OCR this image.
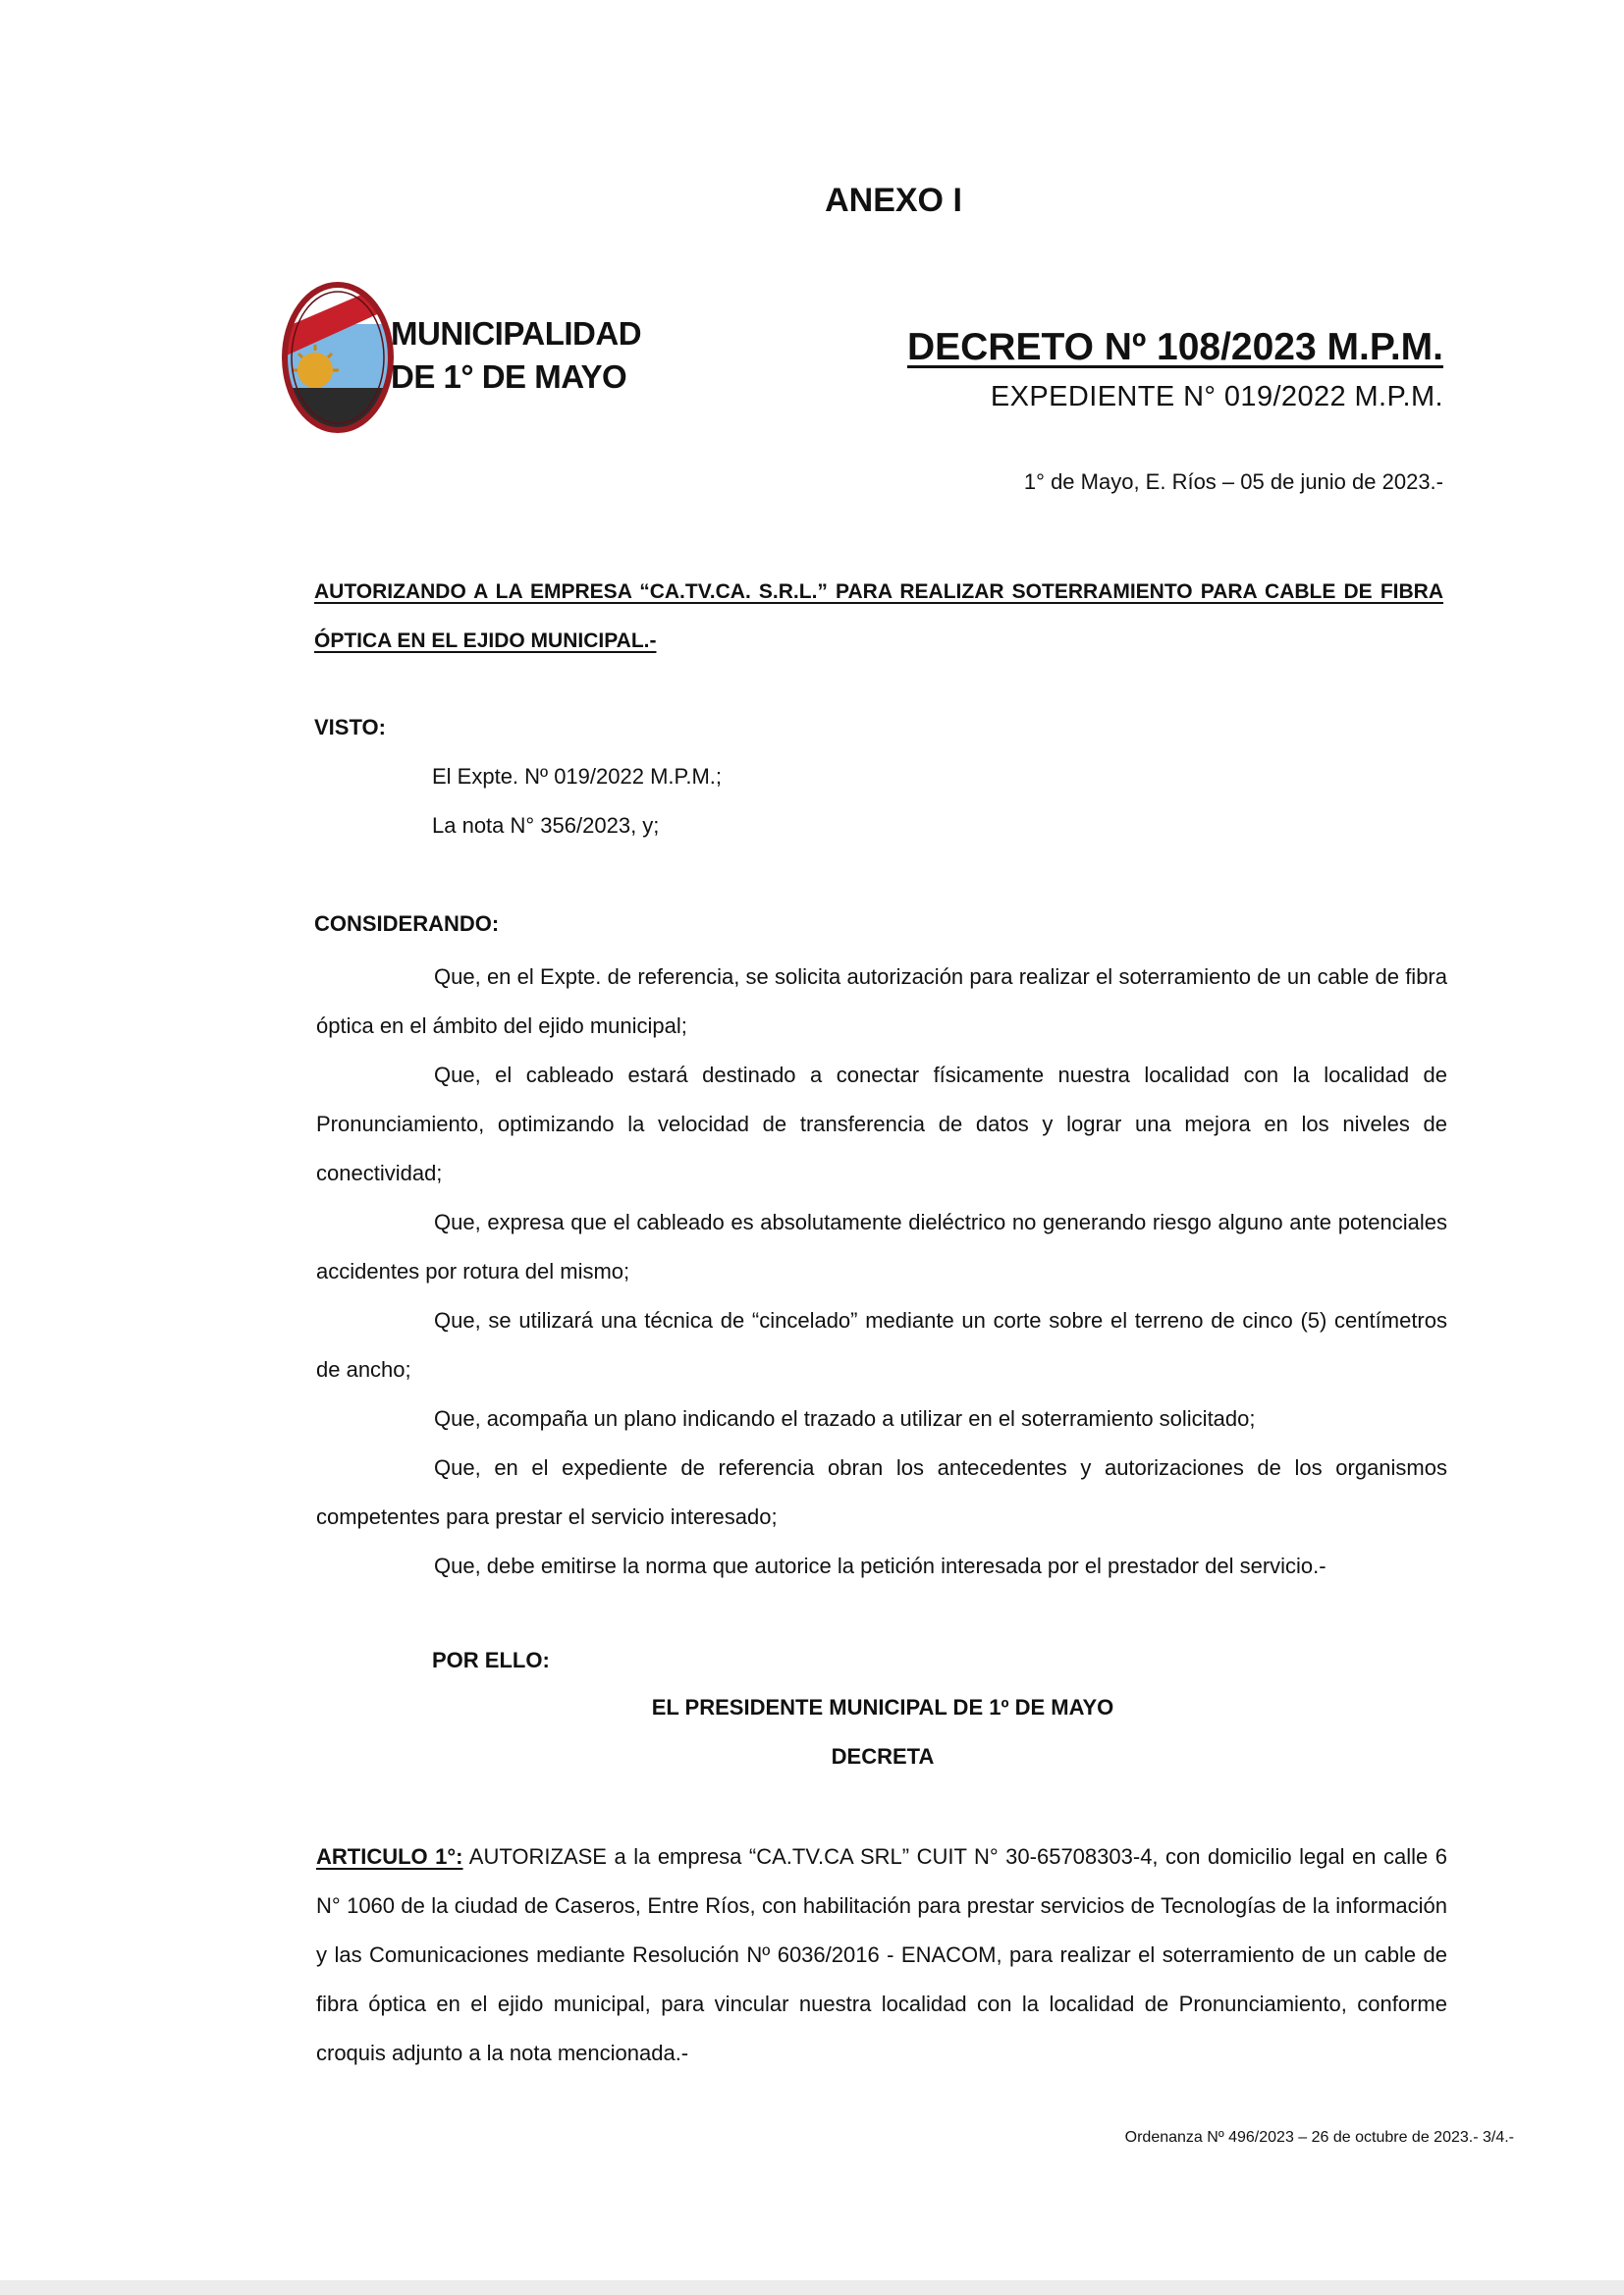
ANEXO I
MUNICIPALIDAD
DE 1° DE MAYO
DECRETO Nº 108/2023 M.P.M.
EXPEDIENTE N° 019/2022 M.P.M.
1° de Mayo, E. Ríos – 05 de junio de 2023.-
AUTORIZANDO A LA EMPRESA “CA.TV.CA. S.R.L.” PARA REALIZAR SOTERRAMIENTO PARA CABLE DE FIBRA ÓPTICA EN EL EJIDO MUNICIPAL.-
VISTO:
El Expte. Nº 019/2022 M.P.M.;
La nota N° 356/2023, y;
CONSIDERANDO:

Que, en el Expte. de referencia, se solicita autorización para realizar el soterramiento de un cable de fibra óptica en el ámbito del ejido municipal;

Que, el cableado estará destinado a conectar físicamente nuestra localidad con la localidad de Pronunciamiento, optimizando la velocidad de transferencia de datos y lograr una mejora en los niveles de conectividad;

Que, expresa que el cableado es absolutamente dieléctrico no generando riesgo alguno ante potenciales accidentes por rotura del mismo;

Que, se utilizará una técnica de “cincelado” mediante un corte sobre el terreno de cinco (5) centímetros de ancho;

Que, acompaña un plano indicando el trazado a utilizar en el soterramiento solicitado;

Que, en el expediente de referencia obran los antecedentes y autorizaciones de los organismos competentes para prestar el servicio interesado;

Que, debe emitirse la norma que autorice la petición interesada por el prestador del servicio.-

POR ELLO:
EL PRESIDENTE MUNICIPAL DE 1º DE MAYO
DECRETA

ARTICULO 1°: AUTORIZASE a la empresa “CA.TV.CA SRL” CUIT N° 30-65708303-4, con domicilio legal en calle 6 N° 1060 de la ciudad de Caseros, Entre Ríos, con habilitación para prestar servicios de Tecnologías de la información y las Comunicaciones mediante Resolución Nº 6036/2016 - ENACOM, para realizar el soterramiento de un cable de fibra óptica en el ejido municipal, para vincular nuestra localidad con la localidad de Pronunciamiento, conforme croquis adjunto a la nota mencionada.-

Ordenanza Nº 496/2023 – 26 de octubre de 2023.- 3/4.-
